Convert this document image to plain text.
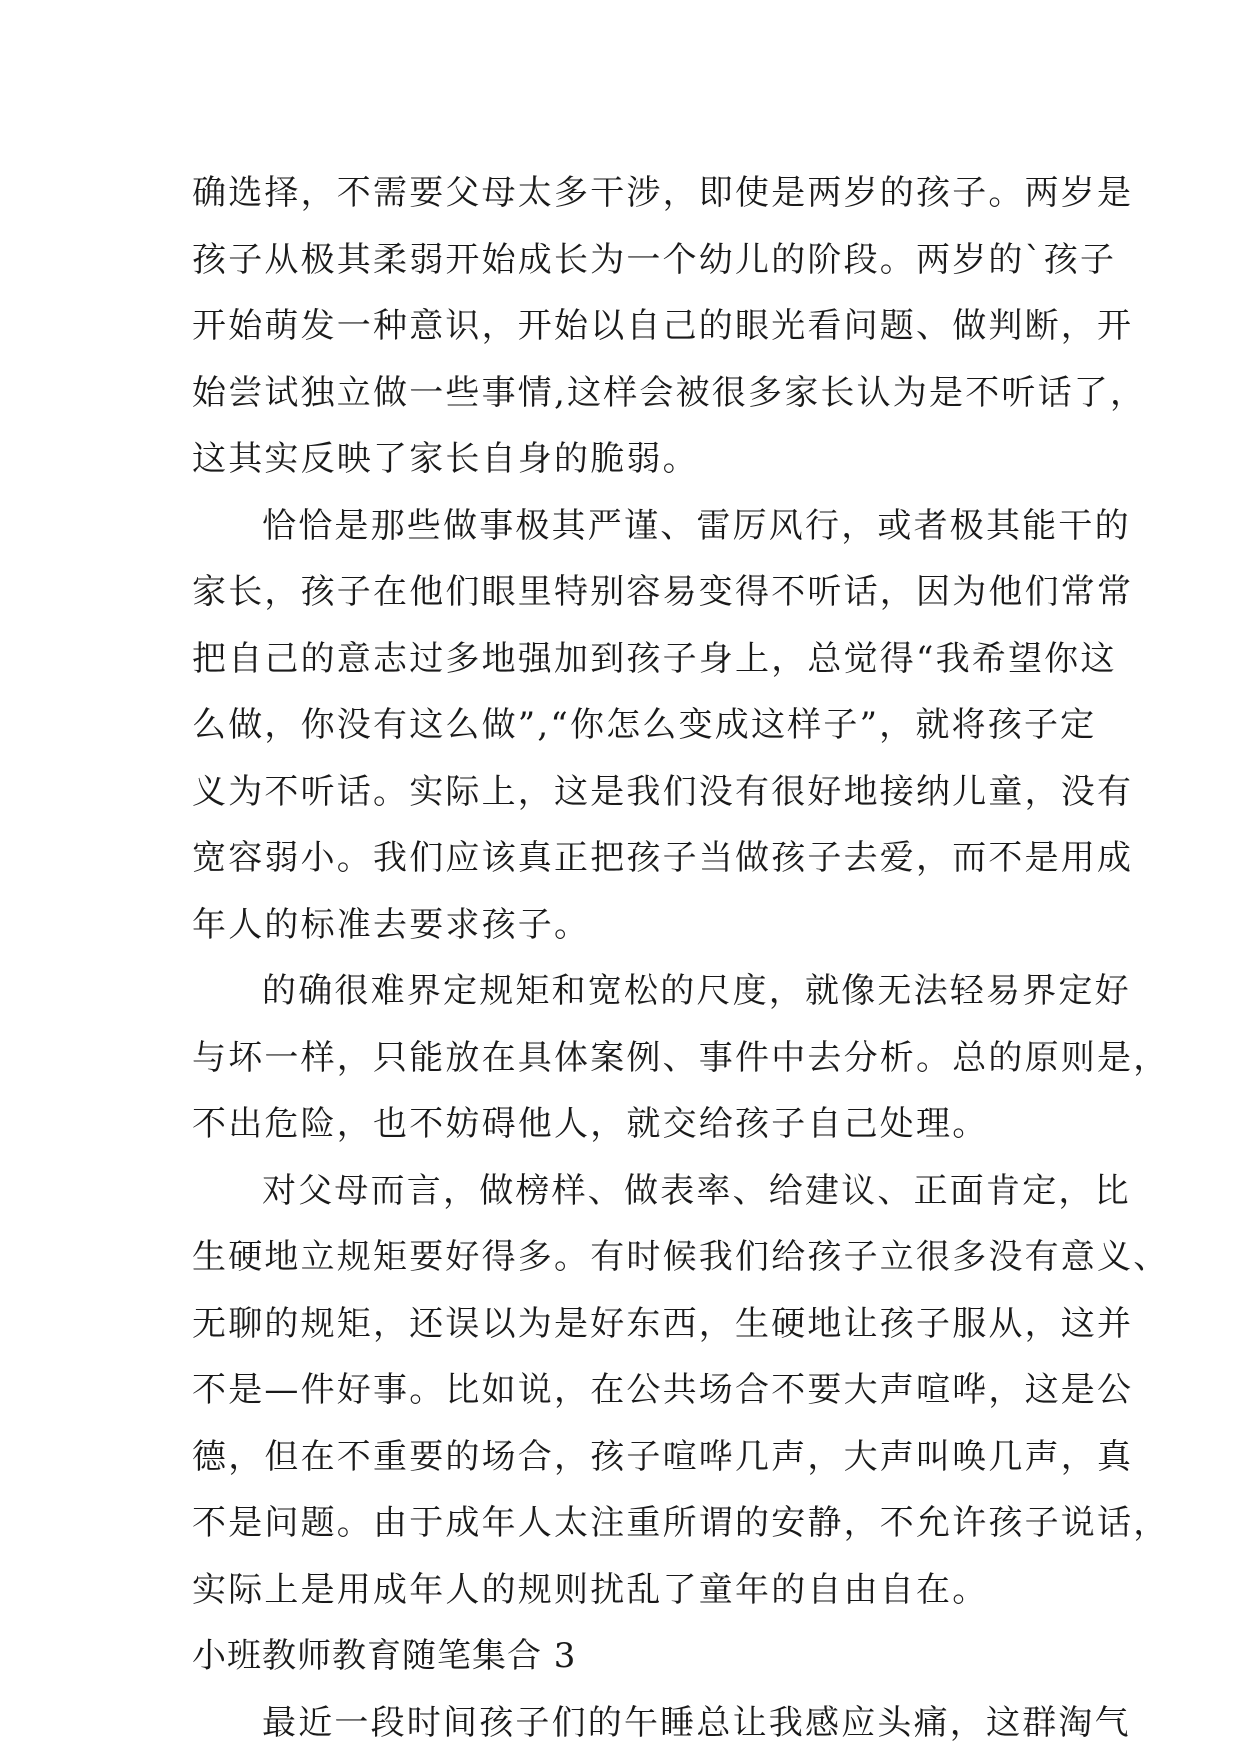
确选择，不需要父母太多干涉，即使是两岁的孩子。两岁是
孩子从极其柔弱开始成长为一个幼儿的阶段。两岁的`孩子
开始萌发一种意识，开始以自己的眼光看问题、做判断，开
始尝试独立做一些事情,这样会被很多家长认为是不听话了，
这其实反映了家长自身的脆弱。
恰恰是那些做事极其严谨、雷厉风行，或者极其能干的
家长，孩子在他们眼里特别容易变得不听话，因为他们常常
把自己的意志过多地强加到孩子身上，总觉得“我希望你这
么做，你没有这么做”,“你怎么变成这样子”，就将孩子定
义为不听话。实际上，这是我们没有很好地接纳儿童，没有
宽容弱小。我们应该真正把孩子当做孩子去爱，而不是用成
年人的标准去要求孩子。
的确很难界定规矩和宽松的尺度，就像无法轻易界定好
与坏一样，只能放在具体案例、事件中去分析。总的原则是，
不出危险，也不妨碍他人，就交给孩子自己处理。
对父母而言，做榜样、做表率、给建议、正面肯定，比
生硬地立规矩要好得多。有时候我们给孩子立很多没有意义、
无聊的规矩，还误以为是好东西，生硬地让孩子服从，这并
不是—件好事。比如说，在公共场合不要大声喧哗，这是公
德，但在不重要的场合，孩子喧哗几声，大声叫唤几声，真
不是问题。由于成年人太注重所谓的安静，不允许孩子说话，
实际上是用成年人的规则扰乱了童年的自由自在。
小班教师教育随笔集合 3
最近一段时间孩子们的午睡总让我感应头痛，这群淘气
